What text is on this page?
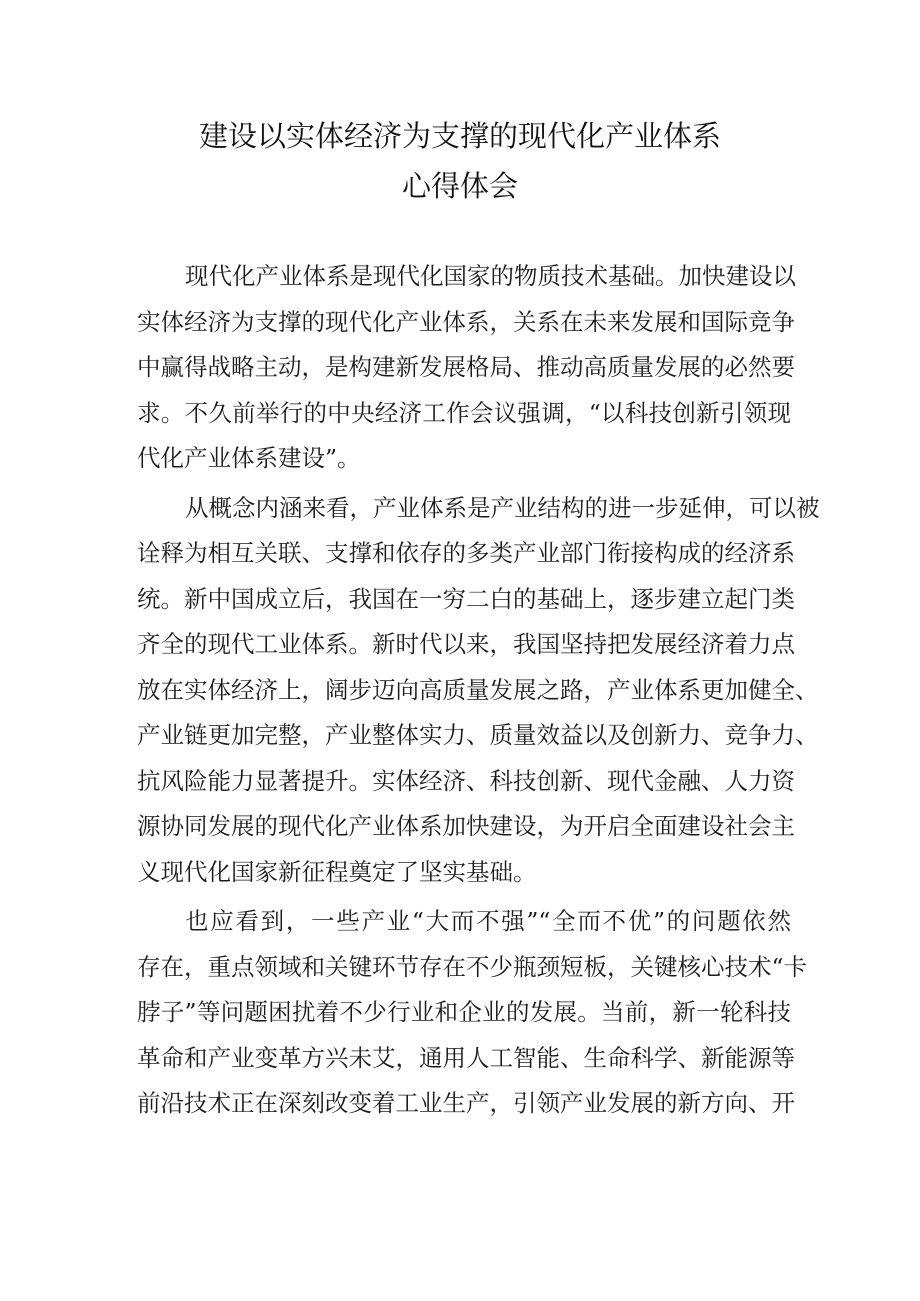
建设以实体经济为支撑的现代化产业体系
心得体会

现代化产业体系是现代化国家的物质技术基础。加快建设以
实体经济为支撑的现代化产业体系，关系在未来发展和国际竞争
中赢得战略主动，是构建新发展格局、推动高质量发展的必然要
求。不久前举行的中央经济工作会议强调，“以科技创新引领现
代化产业体系建设”。

从概念内涵来看，产业体系是产业结构的进一步延伸，可以被
诠释为相互关联、支撑和依存的多类产业部门衔接构成的经济系
统。新中国成立后，我国在一穷二白的基础上，逐步建立起门类
齐全的现代工业体系。新时代以来，我国坚持把发展经济着力点
放在实体经济上，阔步迈向高质量发展之路，产业体系更加健全、
产业链更加完整，产业整体实力、质量效益以及创新力、竞争力、
抗风险能力显著提升。实体经济、科技创新、现代金融、人力资
源协同发展的现代化产业体系加快建设，为开启全面建设社会主
义现代化国家新征程奠定了坚实基础。

也应看到，一些产业“大而不强”“全而不优”的问题依然
存在，重点领域和关键环节存在不少瓶颈短板，关键核心技术“卡
脖子”等问题困扰着不少行业和企业的发展。当前，新一轮科技
革命和产业变革方兴未艾，通用人工智能、生命科学、新能源等
前沿技术正在深刻改变着工业生产，引领产业发展的新方向、开
